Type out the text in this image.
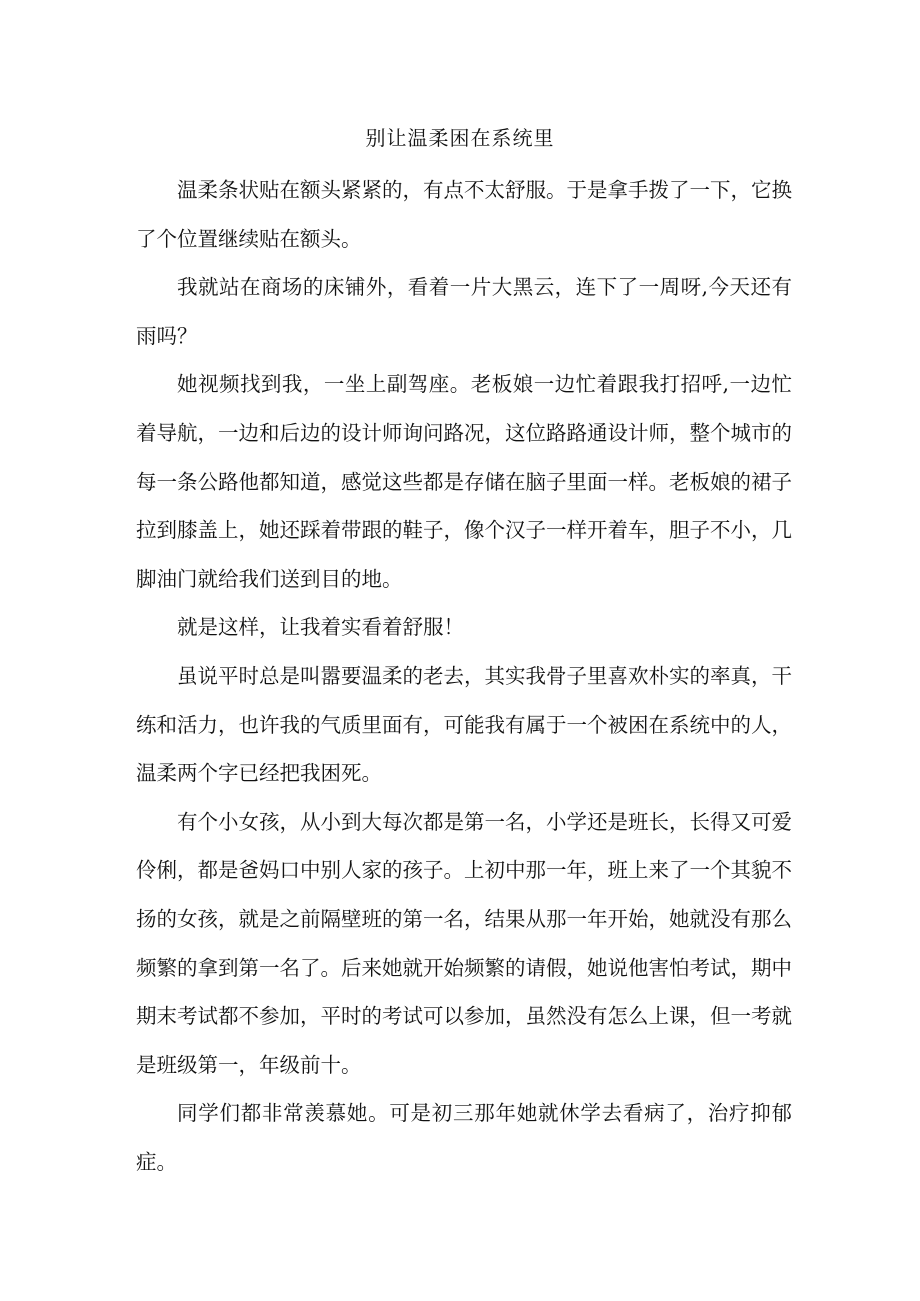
别让温柔困在系统里

温柔条状贴在额头紧紧的，有点不太舒服。于是拿手拨了一下，它换了个位置继续贴在额头。

我就站在商场的床铺外，看着一片大黑云，连下了一周呀,今天还有雨吗？

她视频找到我，一坐上副驾座。老板娘一边忙着跟我打招呼,一边忙着导航，一边和后边的设计师询问路况，这位路路通设计师，整个城市的每一条公路他都知道，感觉这些都是存储在脑子里面一样。老板娘的裙子拉到膝盖上，她还踩着带跟的鞋子，像个汉子一样开着车，胆子不小，几脚油门就给我们送到目的地。

就是这样，让我着实看着舒服！

虽说平时总是叫嚣要温柔的老去，其实我骨子里喜欢朴实的率真，干练和活力，也许我的气质里面有，可能我有属于一个被困在系统中的人，温柔两个字已经把我困死。

有个小女孩，从小到大每次都是第一名，小学还是班长，长得又可爱伶俐，都是爸妈口中别人家的孩子。上初中那一年，班上来了一个其貌不扬的女孩，就是之前隔壁班的第一名，结果从那一年开始，她就没有那么频繁的拿到第一名了。后来她就开始频繁的请假，她说他害怕考试，期中期末考试都不参加，平时的考试可以参加，虽然没有怎么上课，但一考就是班级第一，年级前十。

同学们都非常羡慕她。可是初三那年她就休学去看病了，治疗抑郁症。
